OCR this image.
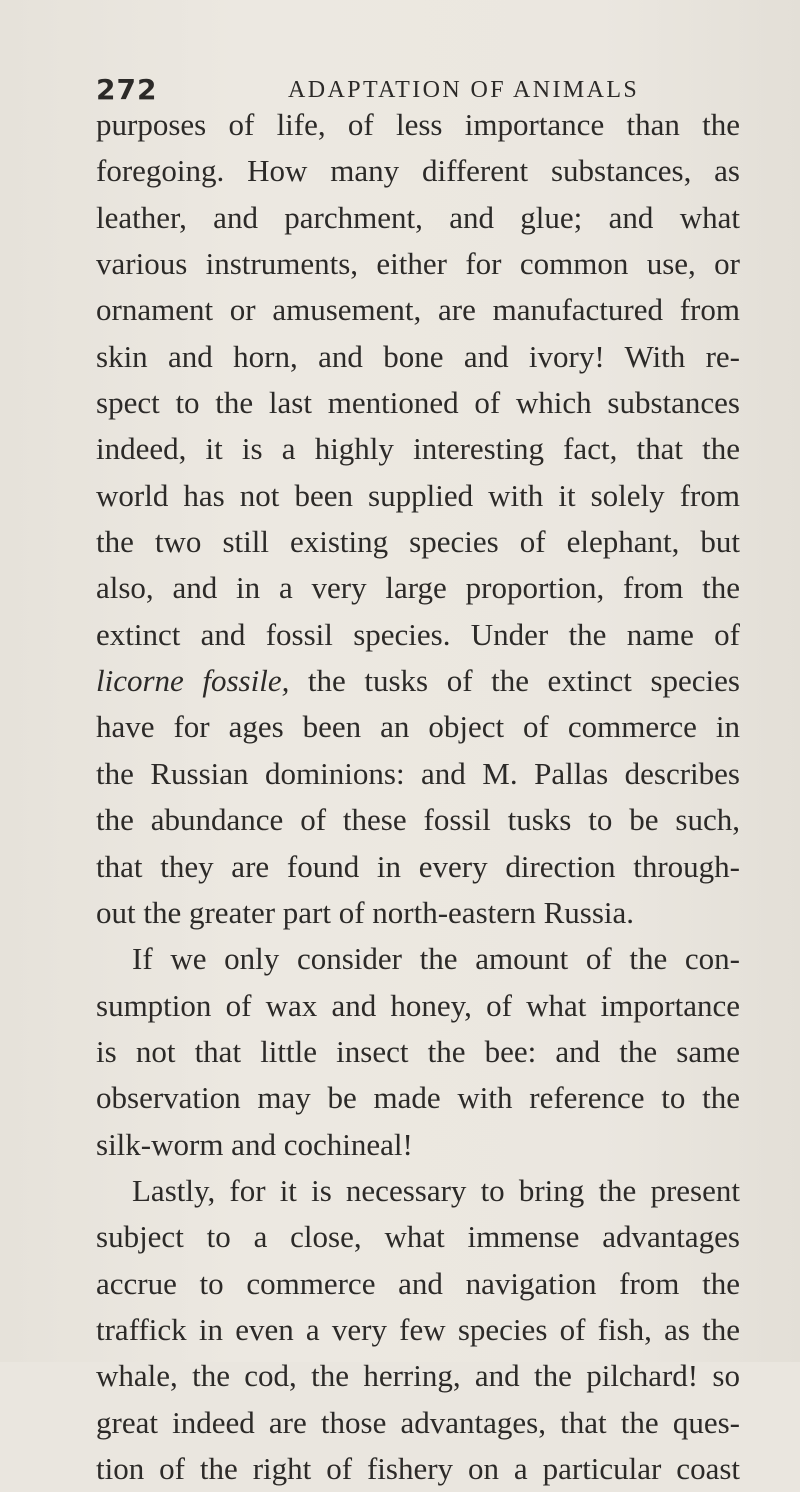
272	ADAPTATION OF ANIMALS
purposes of life, of less importance than the
foregoing. How many different substances, as
leather, and parchment, and glue; and what
various instruments, either for common use, or
ornament or amusement, are manufactured from
skin and horn, and bone and ivory! With re-
spect to the last mentioned of which substances
indeed, it is a highly interesting fact, that the
world has not been supplied with it solely from
the two still existing species of elephant, but
also, and in a very large proportion, from the
extinct and fossil species. Under the name of
licorne fossile, the tusks of the extinct species
have for ages been an object of commerce in
the Russian dominions: and M. Pallas describes
the abundance of these fossil tusks to be such,
that they are found in every direction through-
out the greater part of north-eastern Russia.
If we only consider the amount of the con-
sumption of wax and honey, of what importance
is not that little insect the bee: and the same
observation may be made with reference to the
silk-worm and cochineal!
Lastly, for it is necessary to bring the present
subject to a close, what immense advantages
accrue to commerce and navigation from the
traffick in even a very few species of fish, as the
whale, the cod, the herring, and the pilchard! so
great indeed are those advantages, that the ques-
tion of the right of fishery on a particular coast
